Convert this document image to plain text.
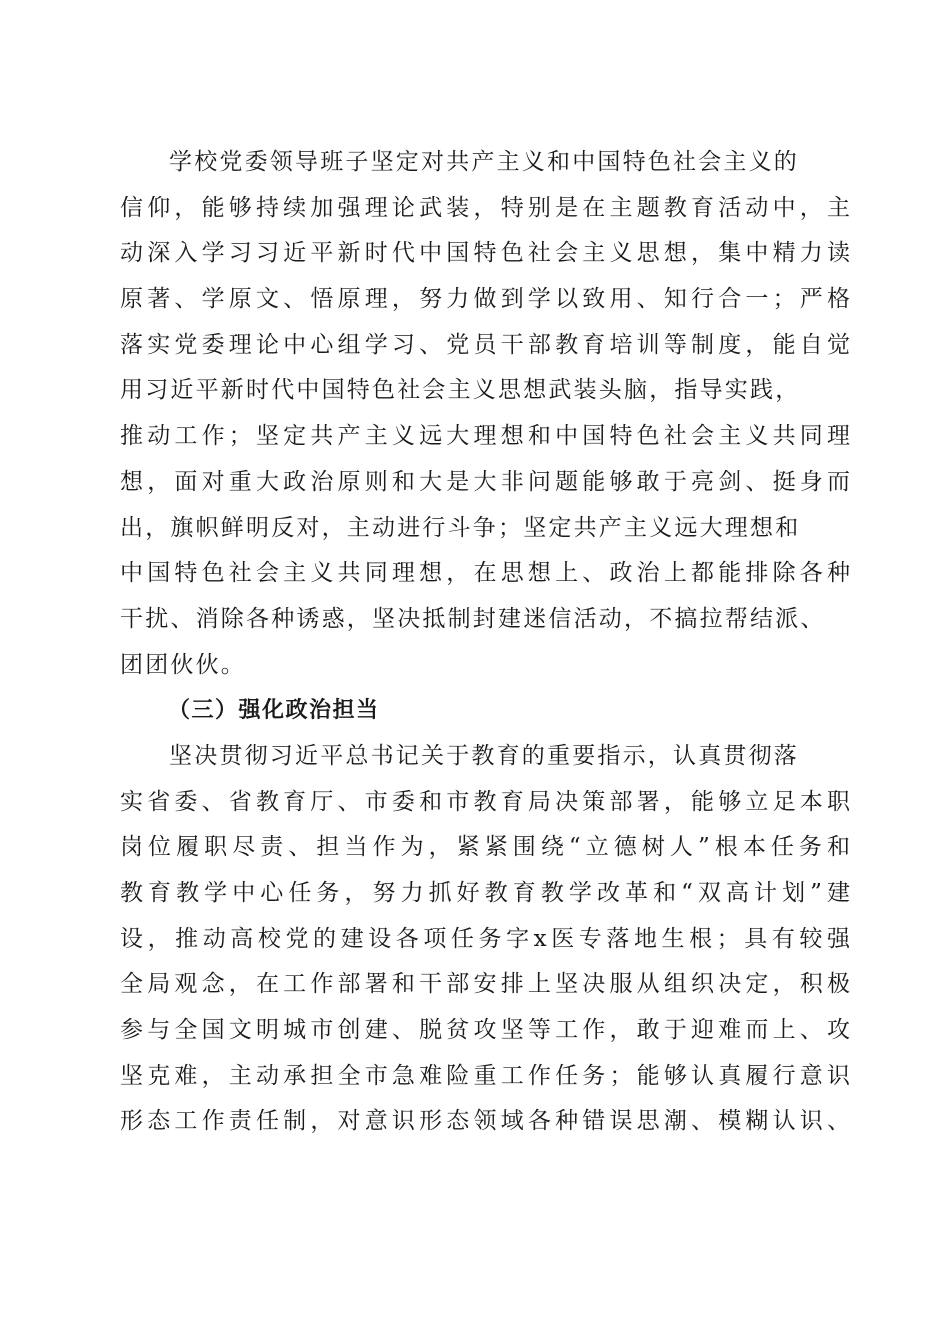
学校党委领导班子坚定对共产主义和中国特色社会主义的
信仰，能够持续加强理论武装，特别是在主题教育活动中，主
动深入学习习近平新时代中国特色社会主义思想，集中精力读
原著、学原文、悟原理，努力做到学以致用、知行合一；严格
落实党委理论中心组学习、党员干部教育培训等制度，能自觉
用习近平新时代中国特色社会主义思想武装头脑，指导实践，
推动工作；坚定共产主义远大理想和中国特色社会主义共同理
想，面对重大政治原则和大是大非问题能够敢于亮剑、挺身而
出，旗帜鲜明反对，主动进行斗争；坚定共产主义远大理想和
中国特色社会主义共同理想，在思想上、政治上都能排除各种
干扰、消除各种诱惑，坚决抵制封建迷信活动，不搞拉帮结派、
团团伙伙。
（三）强化政治担当
坚决贯彻习近平总书记关于教育的重要指示，认真贯彻落
实省委、省教育厅、市委和市教育局决策部署，能够立足本职
岗位履职尽责、担当作为，紧紧围绕“立德树人”根本任务和
教育教学中心任务，努力抓好教育教学改革和“双高计划”建
设，推动高校党的建设各项任务字x医专落地生根；具有较强
全局观念，在工作部署和干部安排上坚决服从组织决定，积极
参与全国文明城市创建、脱贫攻坚等工作，敢于迎难而上、攻
坚克难，主动承担全市急难险重工作任务；能够认真履行意识
形态工作责任制，对意识形态领域各种错误思潮、模糊认识、
